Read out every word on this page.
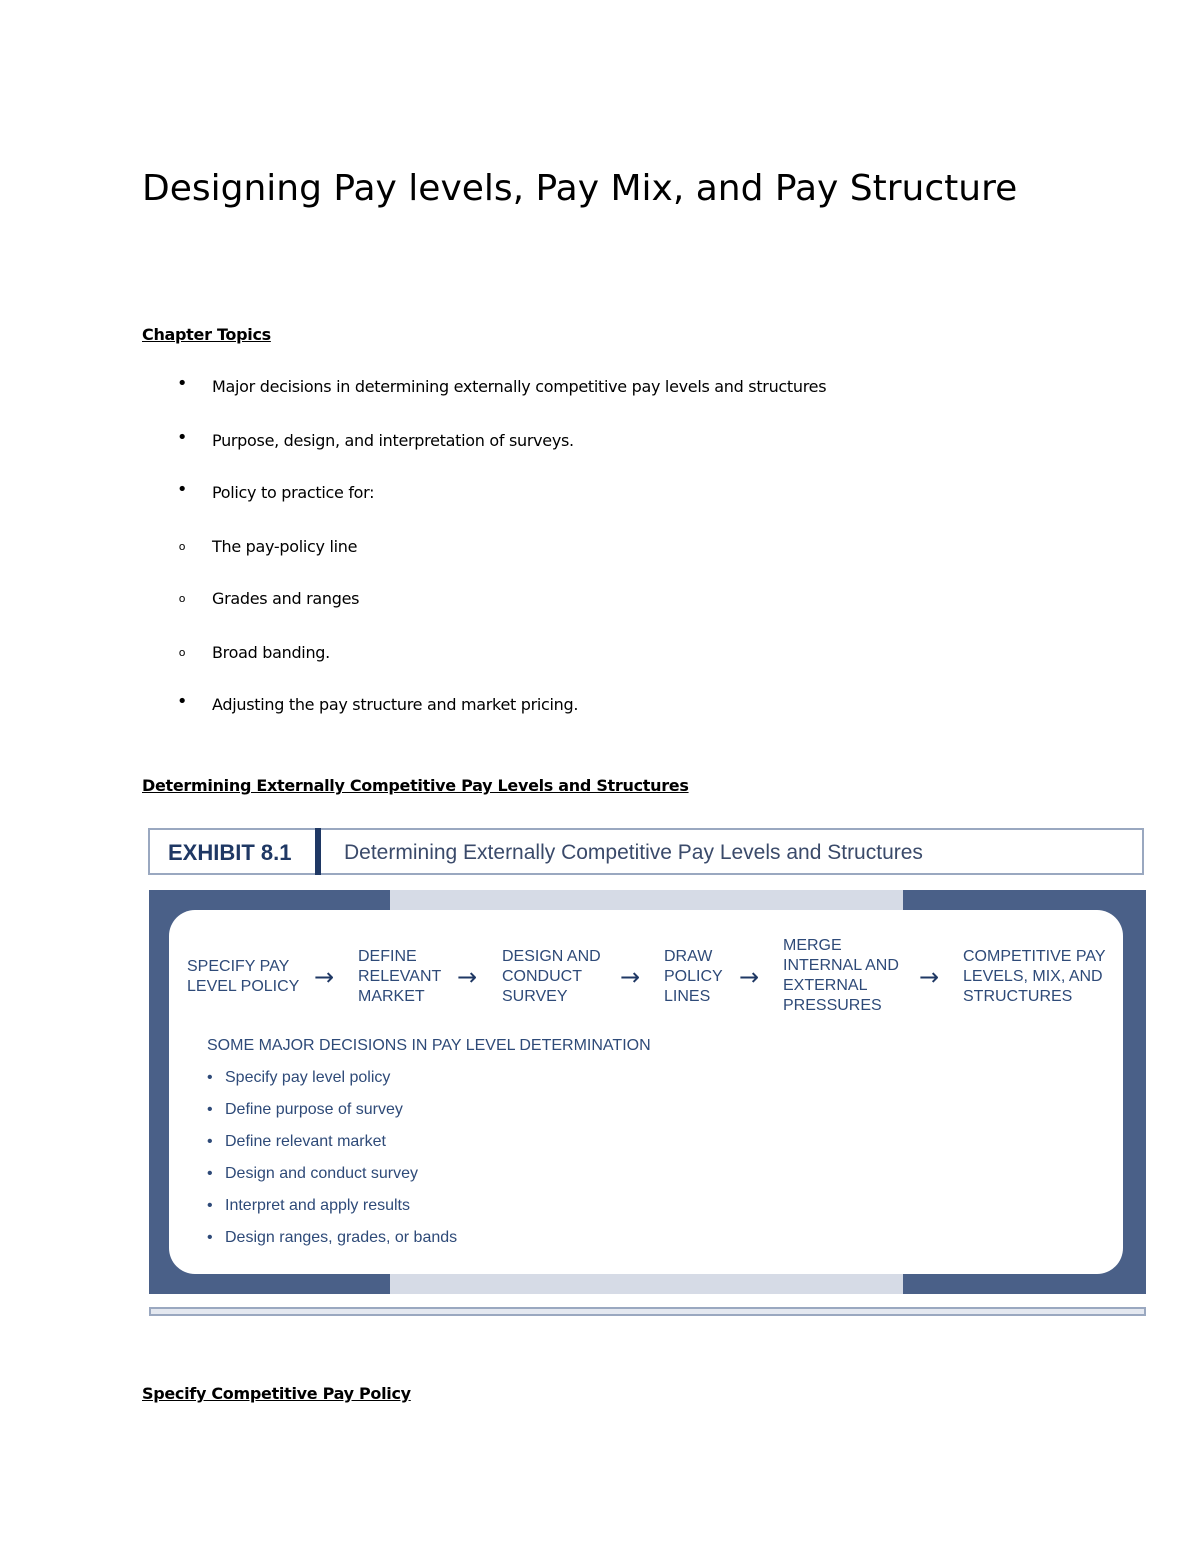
Designing Pay levels, Pay Mix, and Pay Structure
Chapter Topics
•	Major decisions in determining externally competitive pay levels and structures
•	Purpose, design, and interpretation of surveys.
•	Policy to practice for:
o	The pay-policy line
o	Grades and ranges
o	Broad banding.
•	Adjusting the pay structure and market pricing.
Determining Externally Competitive Pay Levels and Structures
EXHIBIT 8.1	Determining Externally Competitive Pay Levels and Structures
SPECIFY PAY
LEVEL POLICY →
DEFINE
RELEVANT
MARKET
→
DESIGN AND
CONDUCT
SURVEY
→
DRAW
POLICY
LINES
→
MERGE
INTERNAL AND
EXTERNAL
PRESSURES
→
COMPETITIVE PAY
LEVELS, MIX, AND
STRUCTURES
SOME MAJOR DECISIONS IN PAY LEVEL DETERMINATION
• Specify pay level policy
• Define purpose of survey
• Define relevant market
• Design and conduct survey
• Interpret and apply results
• Design ranges, grades, or bands
Specify Competitive Pay Policy
